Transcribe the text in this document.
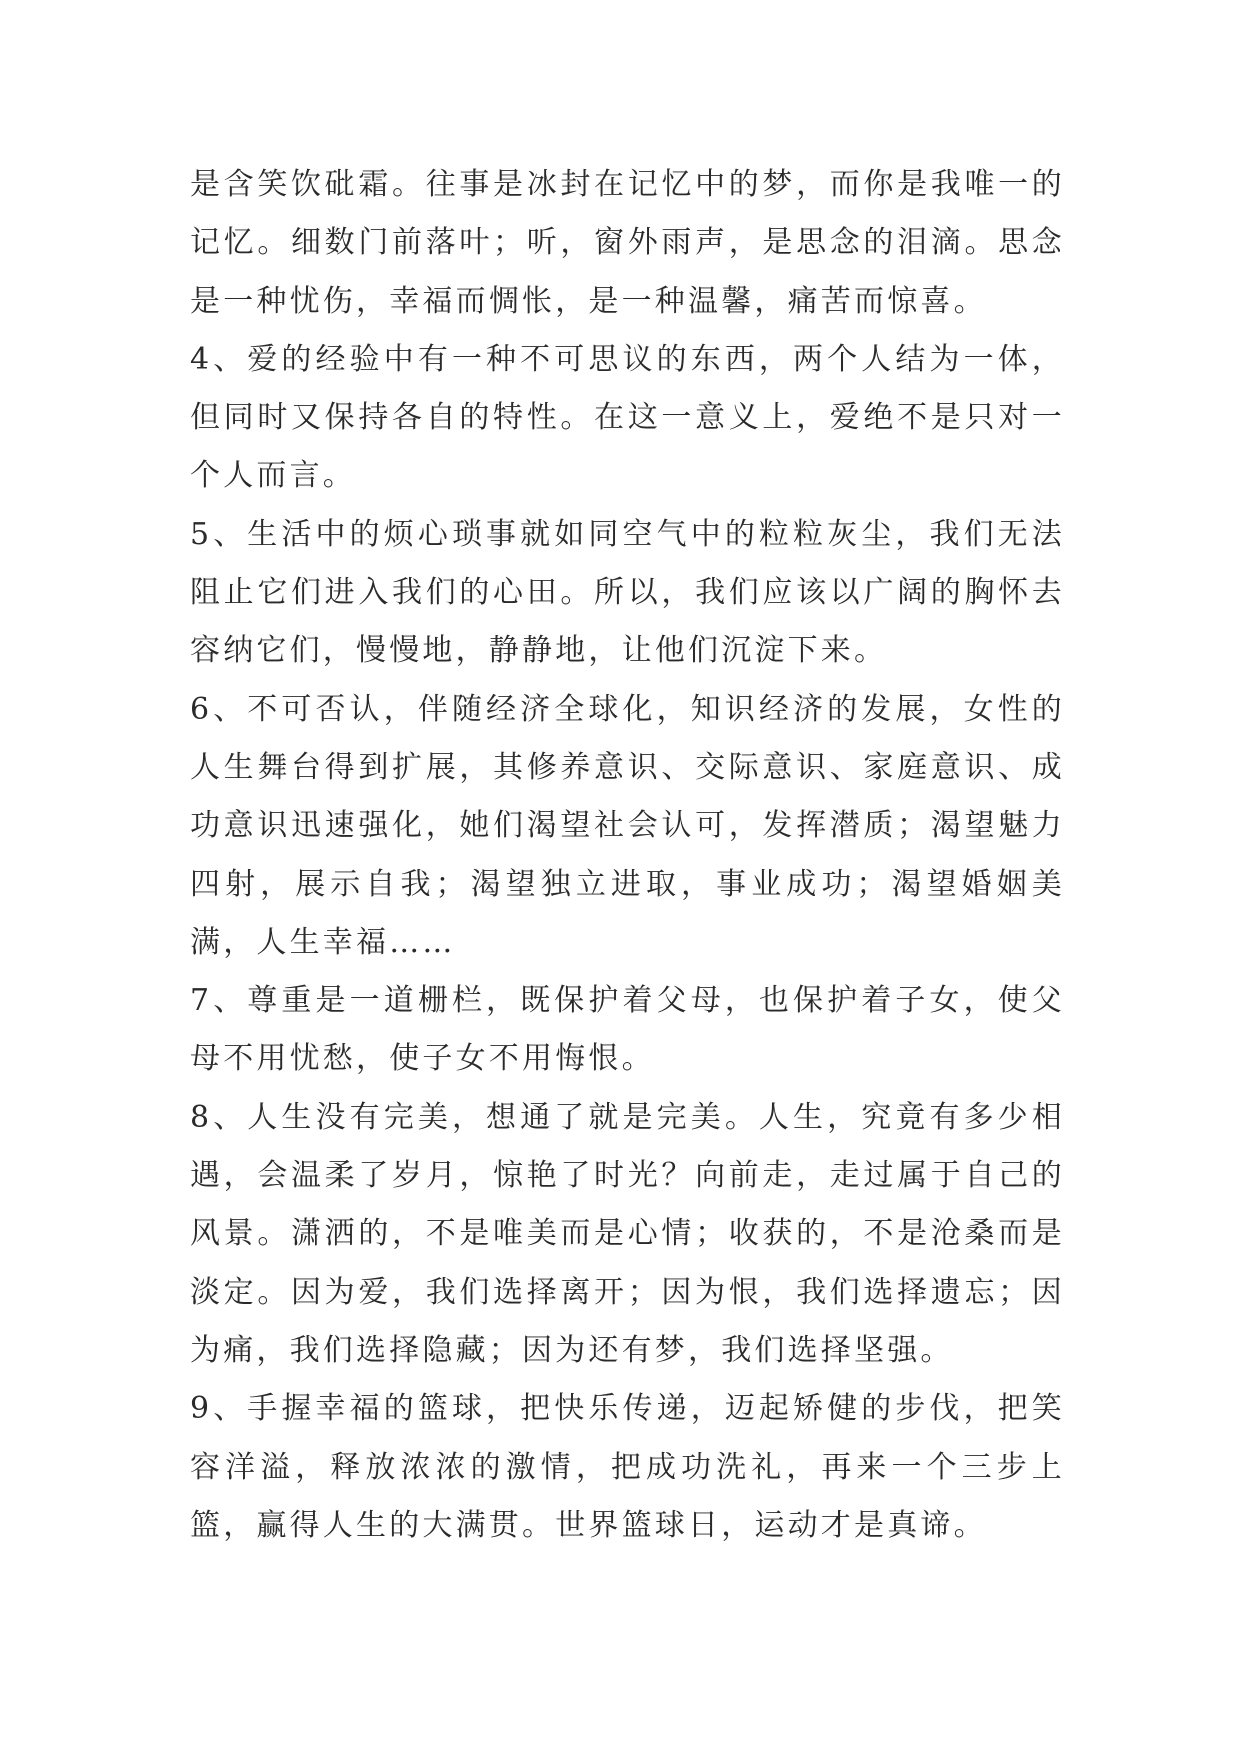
是含笑饮砒霜。往事是冰封在记忆中的梦，而你是我唯一的记忆。细数门前落叶；听，窗外雨声，是思念的泪滴。思念是一种忧伤，幸福而惆怅，是一种温馨，痛苦而惊喜。

4、爱的经验中有一种不可思议的东西，两个人结为一体，但同时又保持各自的特性。在这一意义上，爱绝不是只对一个人而言。

5、生活中的烦心琐事就如同空气中的粒粒灰尘，我们无法阻止它们进入我们的心田。所以，我们应该以广阔的胸怀去容纳它们，慢慢地，静静地，让他们沉淀下来。

6、不可否认，伴随经济全球化，知识经济的发展，女性的人生舞台得到扩展，其修养意识、交际意识、家庭意识、成功意识迅速强化，她们渴望社会认可，发挥潜质；渴望魅力四射，展示自我；渴望独立进取，事业成功；渴望婚姻美满，人生幸福……

7、尊重是一道栅栏，既保护着父母，也保护着子女，使父母不用忧愁，使子女不用悔恨。

8、人生没有完美，想通了就是完美。人生，究竟有多少相遇，会温柔了岁月，惊艳了时光？向前走，走过属于自己的风景。潇洒的，不是唯美而是心情；收获的，不是沧桑而是淡定。因为爱，我们选择离开；因为恨，我们选择遗忘；因为痛，我们选择隐藏；因为还有梦，我们选择坚强。

9、手握幸福的篮球，把快乐传递，迈起矫健的步伐，把笑容洋溢，释放浓浓的激情，把成功洗礼，再来一个三步上篮，赢得人生的大满贯。世界篮球日，运动才是真谛。
